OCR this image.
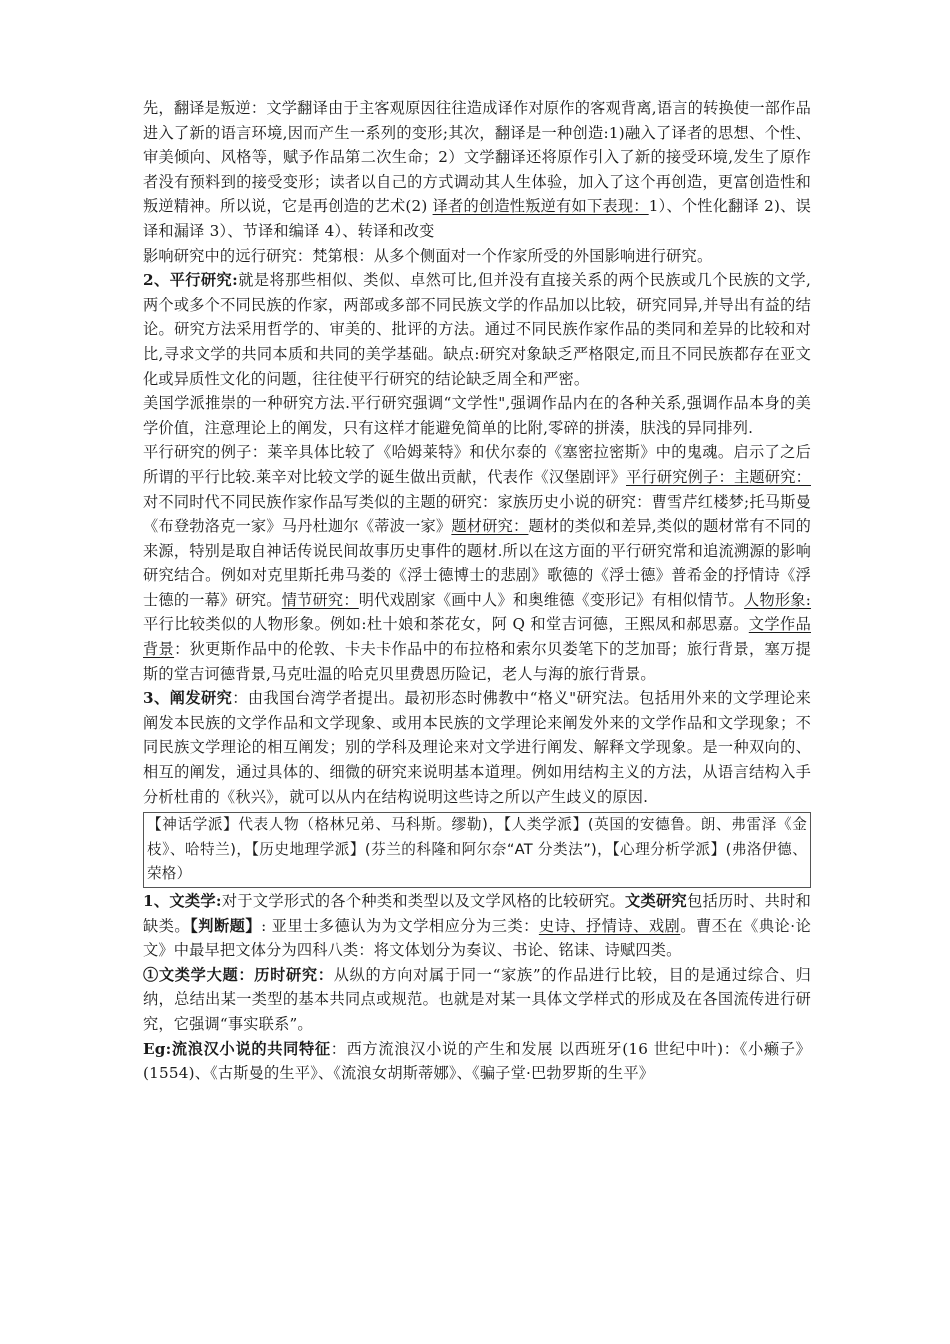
先，翻译是叛逆：文学翻译由于主客观原因往往造成译作对原作的客观背离,语言的转换使一部作品进入了新的语言环境,因而产生一系列的变形;其次，翻译是一种创造:1)融入了译者的思想、个性、审美倾向、风格等，赋予作品第二次生命；2）文学翻译还将原作引入了新的接受环境,发生了原作者没有预料到的接受变形；读者以自己的方式调动其人生体验，加入了这个再创造，更富创造性和叛逆精神。所以说，它是再创造的艺术(2) 译者的创造性叛逆有如下表现：1）、个性化翻译 2)、误译和漏译 3）、节译和编译 4）、转译和改变

影响研究中的远行研究：梵第根：从多个侧面对一个作家所受的外国影响进行研究。

2、平行研究:就是将那些相似、类似、卓然可比,但并没有直接关系的两个民族或几个民族的文学,两个或多个不同民族的作家，两部或多部不同民族文学的作品加以比较，研究同异,并导出有益的结论。研究方法采用哲学的、审美的、批评的方法。通过不同民族作家作品的类同和差异的比较和对比,寻求文学的共同本质和共同的美学基础。缺点:研究对象缺乏严格限定,而且不同民族都存在亚文化或异质性文化的问题，往往使平行研究的结论缺乏周全和严密。

美国学派推崇的一种研究方法.平行研究强调“文学性",强调作品内在的各种关系,强调作品本身的美学价值，注意理论上的阐发，只有这样才能避免简单的比附,零碎的拼湊，肤浅的异同排列.

平行研究的例子：莱辛具体比较了《哈姆莱特》和伏尔泰的《塞密拉密斯》中的鬼魂。启示了之后所谓的平行比较.莱辛对比较文学的诞生做出贡献，代表作《汉堡剧评》平行研究例子：主题研究：对不同时代不同民族作家作品写类似的主题的研究：家族历史小说的研究：曹雪芹红楼梦;托马斯曼《布登勃洛克一家》马丹杜迦尔《蒂波一家》题材研究：题材的类似和差异,类似的题材常有不同的来源，特别是取自神话传说民间故事历史事件的题材.所以在这方面的平行研究常和追流溯源的影响研究结合。例如对克里斯托弗马娄的《浮士德博士的悲剧》歌德的《浮士德》普希金的抒情诗《浮士德的一幕》研究。情节研究：明代戏剧家《画中人》和奥维德《变形记》有相似情节。人物形象:平行比较类似的人物形象。例如:杜十娘和茶花女，阿 Q 和堂吉诃德，王熙凤和郝思嘉。文学作品背景：狄更斯作品中的伦敦、卡夫卡作品中的布拉格和索尔贝娄笔下的芝加哥；旅行背景，塞万提斯的堂吉诃德背景,马克吐温的哈克贝里费恩历险记，老人与海的旅行背景。

3、阐发研究：由我国台湾学者提出。最初形态时佛教中“格义"研究法。包括用外来的文学理论来阐发本民族的文学作品和文学现象、或用本民族的文学理论来阐发外来的文学作品和文学现象；不同民族文学理论的相互阐发；别的学科及理论来对文学进行阐发、解释文学现象。是一种双向的、相互的阐发，通过具体的、细微的研究来说明基本道理。例如用结构主义的方法，从语言结构入手分析杜甫的《秋兴》，就可以从内在结构说明这些诗之所以产生歧义的原因.

【神话学派】代表人物（格林兄弟、马科斯。缪勒)，【人类学派】(英国的安德鲁。朗、弗雷泽《金枝》、哈特兰)，【历史地理学派】(芬兰的科隆和阿尔奈“AT 分类法”)，【心理分析学派】(弗洛伊德、荣格）

1、文类学:对于文学形式的各个种类和类型以及文学风格的比较研究。文类研究包括历时、共时和缺类。【判断题】: 亚里士多德认为为文学相应分为三类：史诗、抒情诗、戏剧。曹丕在《典论·论文》中最早把文体分为四科八类：将文体划分为奏议、书论、铭诔、诗赋四类。

①文类学大题：历时研究：从纵的方向对属于同一“家族”的作品进行比较，目的是通过综合、归纳，总结出某一类型的基本共同点或规范。也就是对某一具体文学样式的形成及在各国流传进行研究，它强调“事实联系”。

Eg:流浪汉小说的共同特征：西方流浪汉小说的产生和发展 以西班牙(16 世纪中叶)：《小癞子》(1554)、《古斯曼的生平》、《流浪女胡斯蒂娜》、《骗子堂·巴勃罗斯的生平》
